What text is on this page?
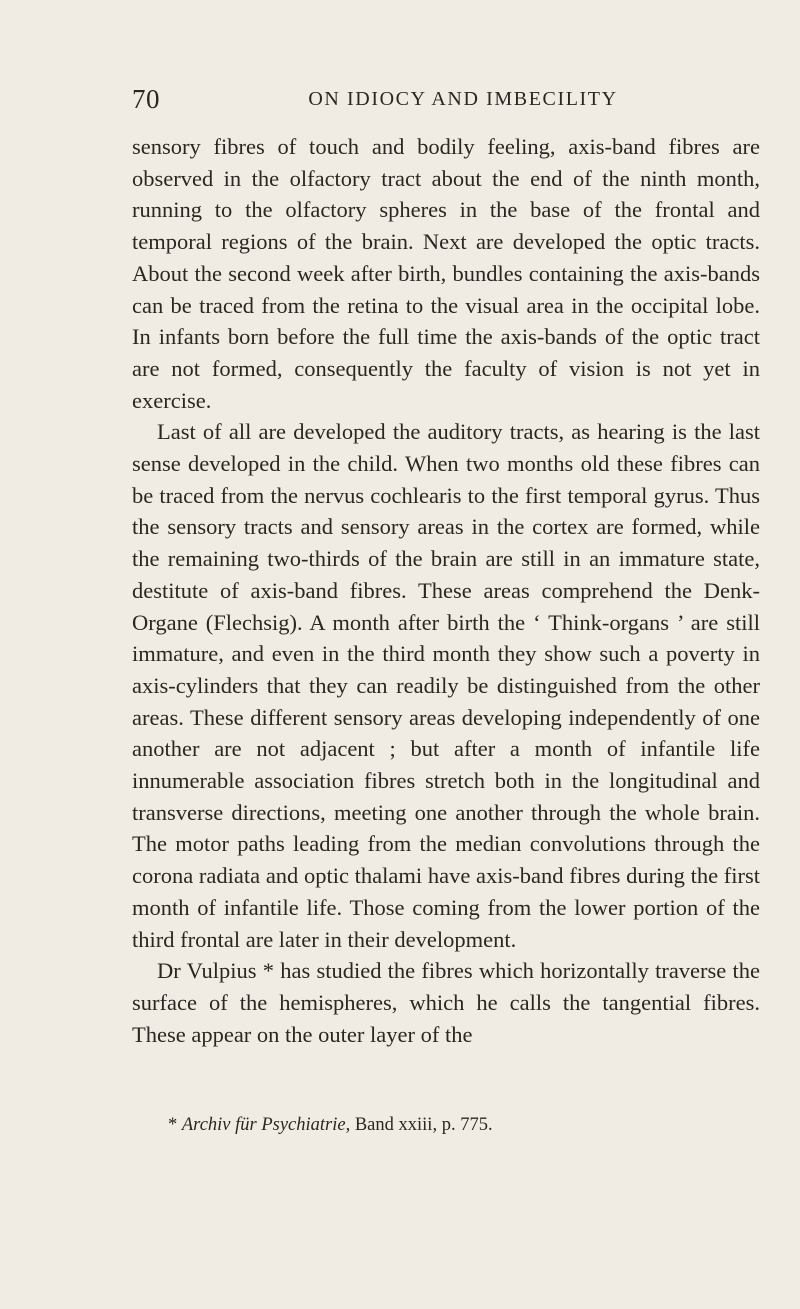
70	ON IDIOCY AND IMBECILITY

sensory fibres of touch and bodily feeling, axis-band fibres are observed in the olfactory tract about the end of the ninth month, running to the olfactory spheres in the base of the frontal and temporal regions of the brain. Next are developed the optic tracts. About the second week after birth, bundles containing the axis-bands can be traced from the retina to the visual area in the occipital lobe. In infants born before the full time the axis-bands of the optic tract are not formed, consequently the faculty of vision is not yet in exercise.

Last of all are developed the auditory tracts, as hearing is the last sense developed in the child. When two months old these fibres can be traced from the nervus cochlearis to the first temporal gyrus. Thus the sensory tracts and sensory areas in the cortex are formed, while the remaining two-thirds of the brain are still in an immature state, destitute of axis-band fibres. These areas comprehend the Denk-Organe (Flechsig). A month after birth the ‘ Think-organs ’ are still immature, and even in the third month they show such a poverty in axis-cylinders that they can readily be distinguished from the other areas. These different sensory areas developing independently of one another are not adjacent ; but after a month of infantile life innumerable association fibres stretch both in the longitudinal and transverse directions, meeting one another through the whole brain. The motor paths leading from the median convolutions through the corona radiata and optic thalami have axis-band fibres during the first month of infantile life. Those coming from the lower portion of the third frontal are later in their development.

Dr Vulpius * has studied the fibres which horizontally traverse the surface of the hemispheres, which he calls the tangential fibres. These appear on the outer layer of the

* Archiv für Psychiatrie, Band xxiii, p. 775.
